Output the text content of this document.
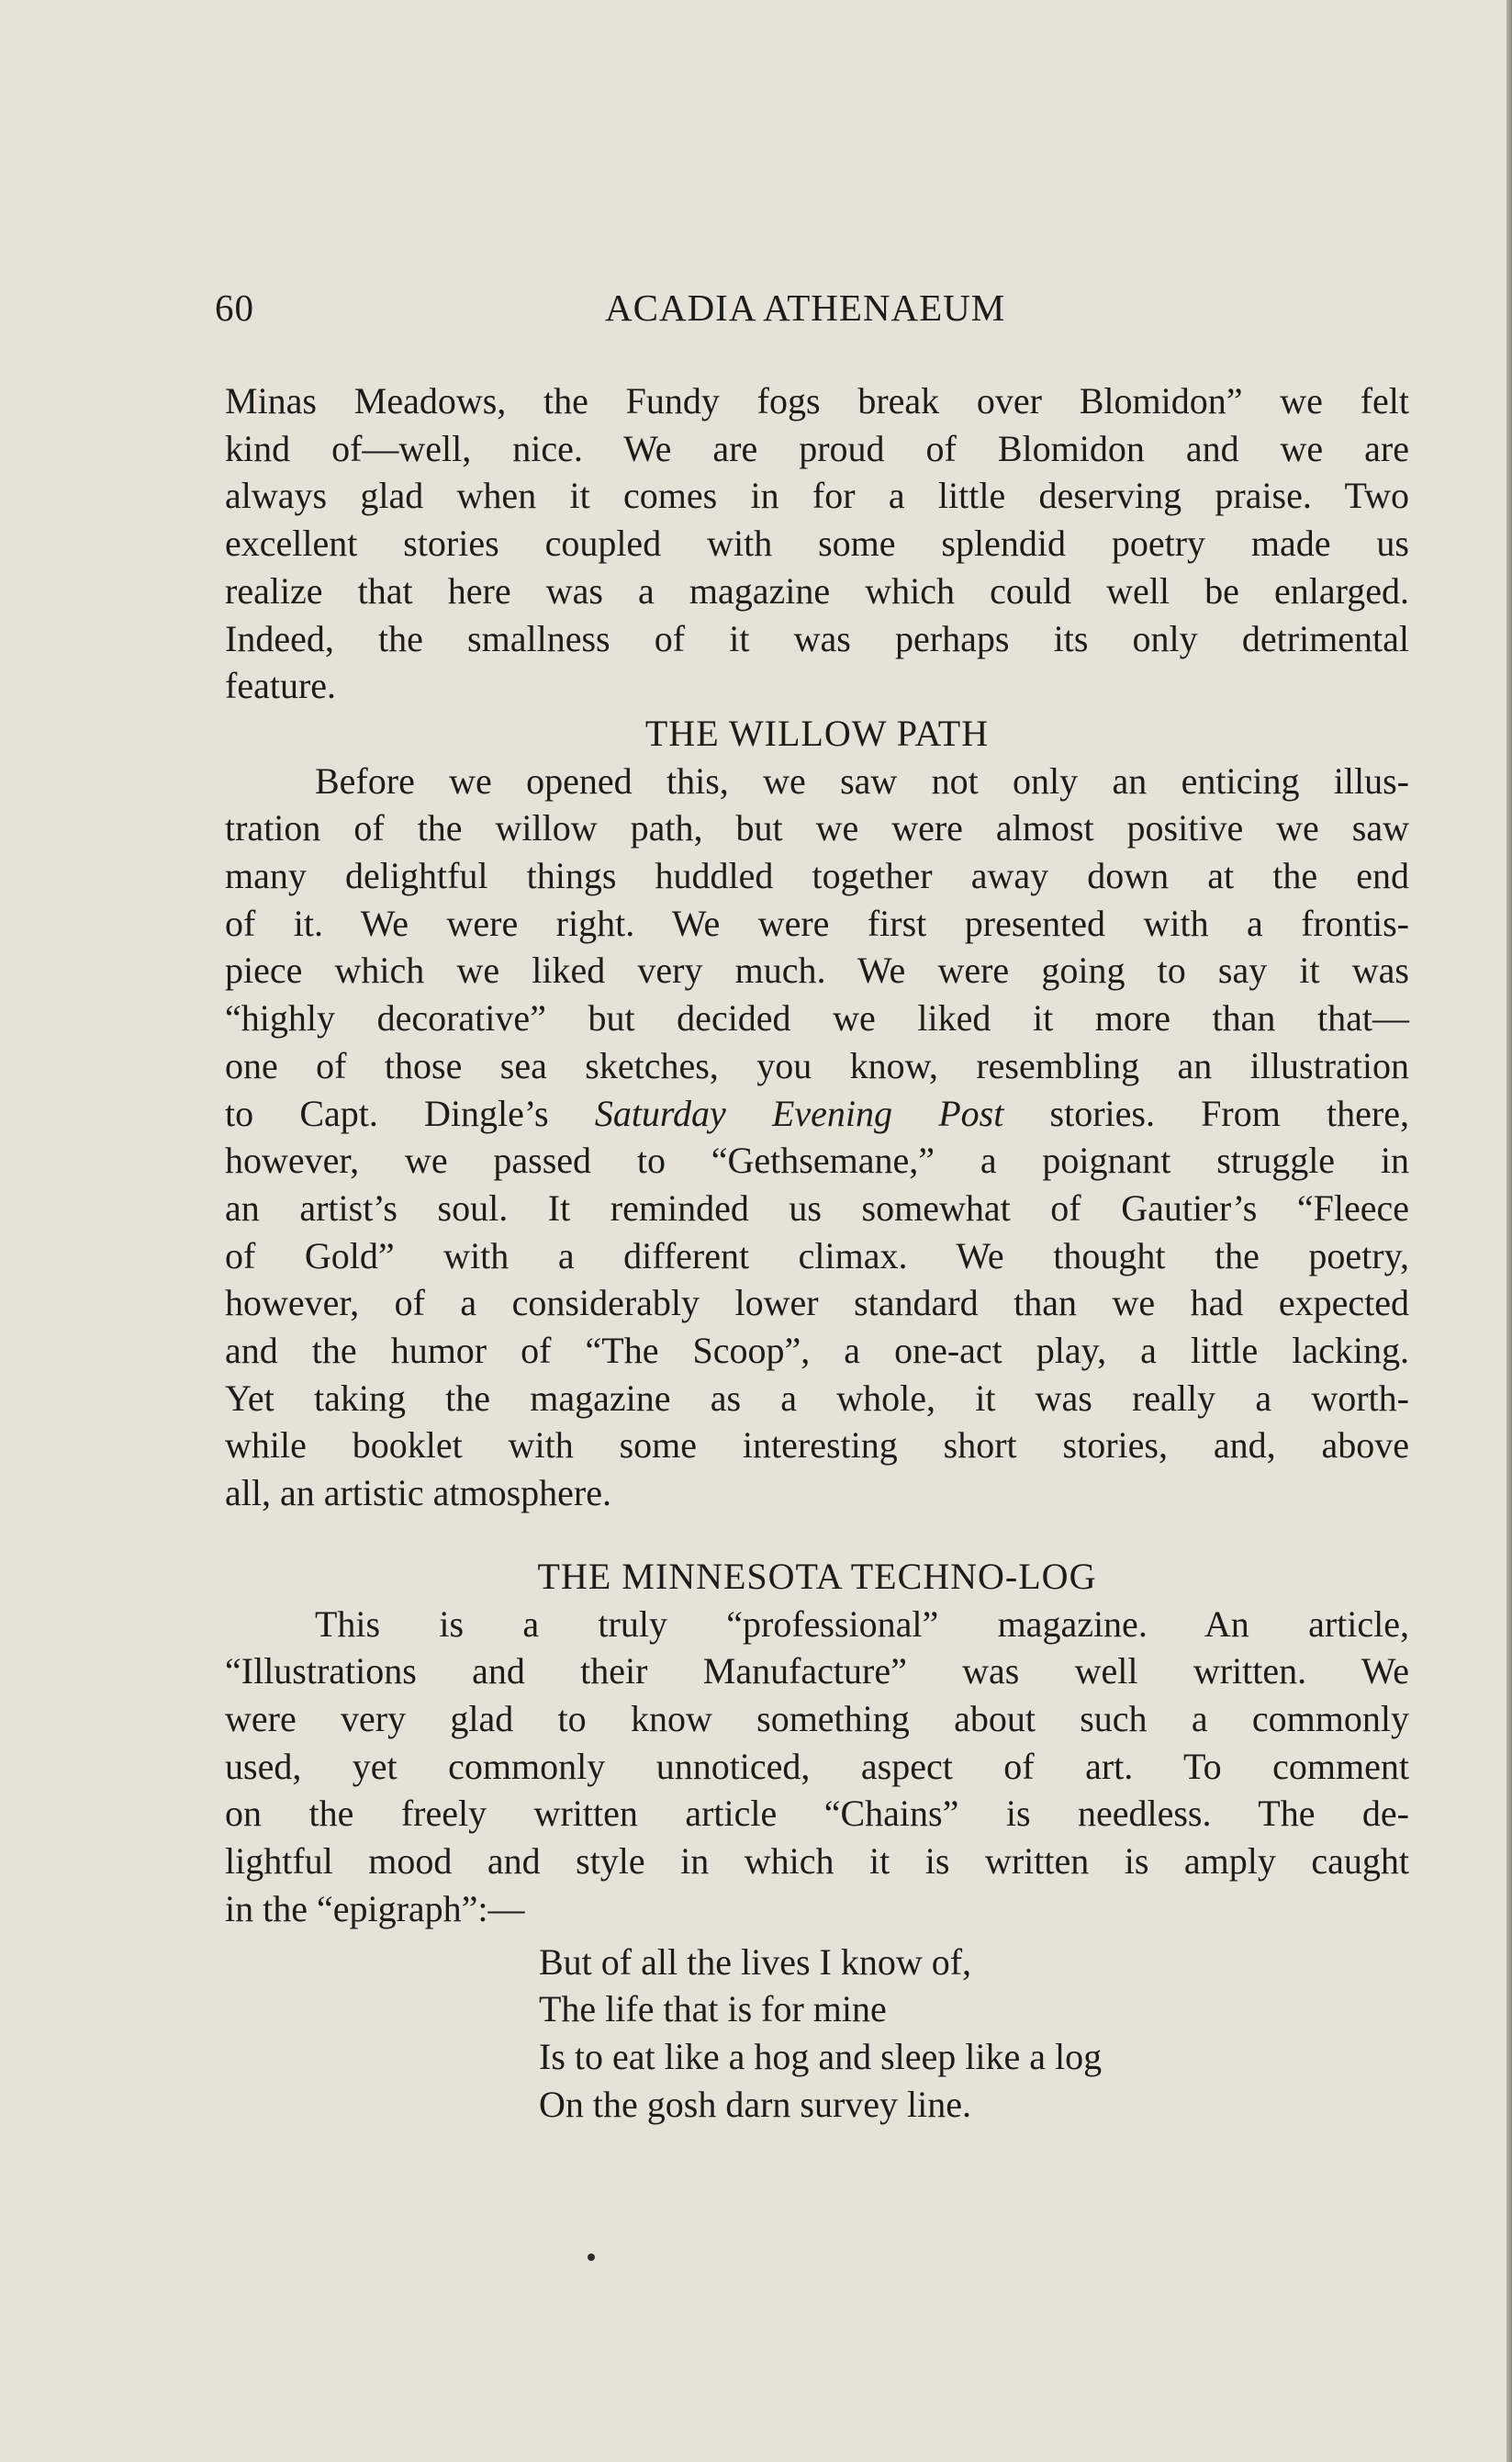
60	ACADIA ATHENAEUM

Minas Meadows, the Fundy fogs break over Blomidon” we felt
kind of—well, nice. We are proud of Blomidon and we are
always glad when it comes in for a little deserving praise. Two
excellent stories coupled with some splendid poetry made us
realize that here was a magazine which could well be enlarged.
Indeed, the smallness of it was perhaps its only detrimental
feature.

THE WILLOW PATH

Before we opened this, we saw not only an enticing illus-
tration of the willow path, but we were almost positive we saw
many delightful things huddled together away down at the end
of it. We were right. We were first presented with a frontis-
piece which we liked very much. We were going to say it was
“highly decorative” but decided we liked it more than that—
one of those sea sketches, you know, resembling an illustration
to Capt. Dingle’s Saturday Evening Post stories. From there,
however, we passed to “Gethsemane,” a poignant struggle in
an artist’s soul. It reminded us somewhat of Gautier’s “Fleece
of Gold” with a different climax. We thought the poetry,
however, of a considerably lower standard than we had expected
and the humor of “The Scoop”, a one-act play, a little lacking.
Yet taking the magazine as a whole, it was really a worth-
while booklet with some interesting short stories, and, above
all, an artistic atmosphere.

THE MINNESOTA TECHNO-LOG

This is a truly “professional” magazine. An article,
“Illustrations and their Manufacture” was well written. We
were very glad to know something about such a commonly
used, yet commonly unnoticed, aspect of art. To comment
on the freely written article “Chains” is needless. The de-
lightful mood and style in which it is written is amply caught
in the “epigraph”:—

But of all the lives I know of,
The life that is for mine
Is to eat like a hog and sleep like a log
On the gosh darn survey line.
